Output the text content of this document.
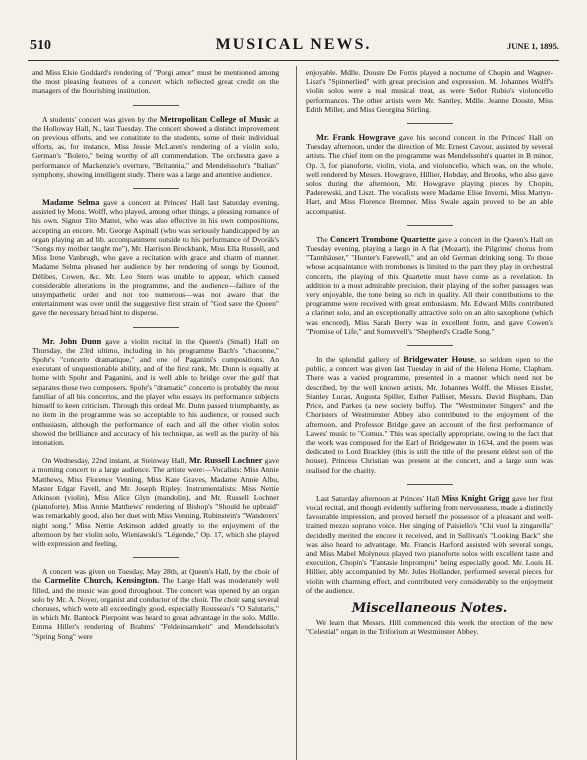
510	MUSICAL NEWS.	JUNE 1, 1895.

and Miss Elsie Goddard's rendering of "Porgi amor" must be mentioned among the most pleasing features of a concert which reflected great credit on the managers of the flourishing institution.

A students' concert was given by the Metropolitan College of Music at the Holloway Hall, N., last Tuesday. The concert showed a distinct improvement on previous efforts, and we constitute to the students, some of their individual efforts, as, for instance, Miss Jessie McLaren's rendering of a violin solo, German's "Bolero," being worthy of all commendation. The orchestra gave a performance of Mackenzie's overture, "Britannia," and Mendelssohn's "Italian" symphony, showing intelligent study. There was a large and attentive audience.

Madame Selma gave a concert at Princes' Hall last Saturday evening, assisted by Mons. Wolff, who played, among other things, a pleasing romance of his own. Signor Tito Mattei, who was also effective in his own compositions, accepting an encore. Mr. George Aspinall (who was seriously handicapped by an organ playing an ad lib. accompaniment outside to his performance of Dvorák's "Songs my mother taught me"), Mr. Harrison Brockbank, Miss Ella Russell, and Miss Irene Vanbrugh, who gave a recitation with grace and charm of manner. Madame Selma pleased her audience by her rendering of songs by Gounod, Délibes, Cowen, &c. Mr. Leo Stern was unable to appear, which caused considerable alterations in the programme, and the audience—failure of the unsympathetic order and not too numerous—was not aware that the entertainment was over until the suggestive first strain of "God save the Queen" gave the necessary broad hint to disperse.

Mr. John Dunn gave a violin recital in the Queen's (Small) Hall on Thursday, the 23rd ultimo, including in his programme Bach's "chaconne," Spohr's "concerto dramatique," and one of Paganini's compositions. An executant of unquestionable ability, and of the first rank, Mr. Dunn is equally at home with Spohr and Paganini, and is well able to bridge over the gulf that separates those two composers. Spohr's "dramatic" concerto is probably the most familiar of all his concertos, and the player who essays its performance subjects himself to keen criticism. Through this ordeal Mr. Dunn passed triumphantly, as no item in the programme was so acceptable to his audience, or roused such enthusiasm, although the performance of each and all the other violin solos showed the brilliance and accuracy of his technique, as well as the purity of his intonation.

On Wednesday, 22nd instant, at Steinway Hall, Mr. Russell Lochner gave a morning concert to a large audience. The artiste were:—Vocalists: Miss Annie Matthews, Miss Florence Venning, Miss Kate Graves, Madame Annie Albu, Master Edgar Favell, and Mr. Joseph Ripley. Instrumentalists: Miss Nettie Atkinson (violin), Miss Alice Glyn (mandolin), and Mr. Russell Lochner (pianoforte). Miss Annie Matthews' rendering of Bishop's "Should he upbraid" was remarkably good, also her duet with Miss Venning, Rubinstein's "Wanderers' night song." Miss Nettie Atkinson added greatly to the enjoyment of the afternoon by her violin solo, Wieniawski's "Légende," Op. 17, which she played with expression and feeling.

A concert was given on Tuesday, May 28th, at Queen's Hall, by the choir of the Carmelite Church, Kensington. The Large Hall was moderately well filled, and the music was good throughout. The concert was opened by an organ solo by Mr. A. Noyer, organist and conductor of the choir. The choir sang several choruses, which were all exceedingly good, especially Rousseau's "O Salutaris," in which Mr. Bantock Pierpoint was heard to great advantage in the solo. Mdlle. Emma Hiller's rendering of Brahms' "Feldeinsamkeit" and Mendelssohn's "Spring Song" were

enjoyable. Mdlle. Douste De Fortis played a nocturne of Chopin and Wagner-Liszt's "Spinnerlied" with great precision and expression. M. Johannes Wolff's violin solos were a real musical treat, as were Señor Rubio's violoncello performances. The other artists were Mr. Santley, Mdlle. Jeanne Douste, Miss Edith Miller, and Miss Georgina Stirling.

Mr. Frank Howgrave gave his second concert in the Princes' Hall on Tuesday afternoon, under the direction of Mr. Ernest Cavour, assisted by several artists. The chief item on the programme was Mendelssohn's quartet in B minor, Op. 3, for pianoforte, violin, viola, and violoncello, which was, on the whole, well rendered by Messrs. Howgrave, Hillier, Hobday, and Brooks, who also gave solos during the afternoon, Mr. Howgrave playing pieces by Chopin, Paderewski, and Liszt. The vocalists were Madame Elise Inverni, Miss Martyn-Hart, and Miss Florence Bremner. Miss Swale again proved to be an able accompanist.

The Concert Trombone Quartette gave a concert in the Queen's Hall on Tuesday evening, playing a largo in A flat (Mozart), the Pilgrims' chorus from "Tannhäuser," "Hunter's Farewell," and an old German drinking song. To those whose acquaintance with trombones is limited to the part they play in orchestral concerts, the playing of this Quartette must have come as a revelation. In addition to a most admirable precision, their playing of the softer passages was very enjoyable, the tone being so rich in quality. All their contributions to the programme were received with great enthusiasm. Mr. Edward Mills contributed a clarinet solo, and an exceptionally attractive solo on an alto saxophone (which was encored), Miss Sarah Berry was in excellent form, and gave Cowen's "Promise of Life," and Somervell's "Shepherd's Cradle Song."

In the splendid gallery of Bridgewater House, so seldom open to the public, a concert was given last Tuesday in aid of the Helena Home, Clapham. There was a varied programme, presented in a manner which need not be described, by the well known artists, Mr. Johannes Wolff, the Misses Eissler, Stanley Lucas, Augusta Spiller, Esther Palliser, Messrs. David Bispham, Dan Price, and Parkes (a new society buffo). The "Westminster Singers" and the Choristers of Westminster Abbey also contributed to the enjoyment of the afternoon, and Professor Bridge gave an account of the first performance of Lawes' music to "Comus." This was specially appropriate, owing to the fact that the work was composed for the Earl of Bridgewater in 1634, and the poem was dedicated to Lord Brackley (this is still the title of the present eldest son of the house). Princess Christian was present at the concert, and a large sum was realised for the charity.

Last Saturday afternoon at Princes' Hall Miss Knight Grigg gave her first vocal recital, and though evidently suffering from nervousness, made a distinctly favourable impression, and proved herself the possessor of a pleasant and well-trained mezzo soprano voice. Her singing of Paisiello's "Chi vuol la zingarella" decidedly merited the encore it received, and in Sullivan's "Looking Back" she was also heard to advantage. Mr. Francis Harford assisted with several songs, and Miss Mabel Molyneux played two pianoforte solos with excellent taste and execution, Chopin's "Fantasie Impromptu" being especially good. Mr. Louis H. Hillier, ably accompanied by Mr. Jules Hollander, performed several pieces for violin with charming effect, and contributed very considerably to the enjoyment of the audience.

Miscellaneous Notes.

We learn that Messrs. Hill commenced this week the erection of the new "Celestial" organ in the Triforium at Westminster Abbey.
